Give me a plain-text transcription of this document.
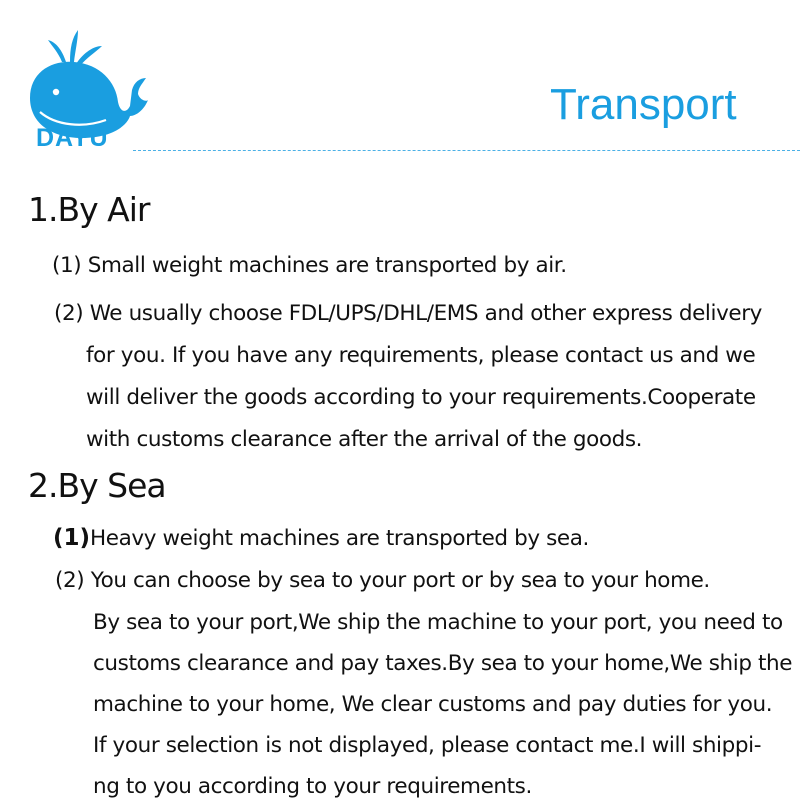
DAYU
Transport
1.By Air
(1) Small weight machines are transported by air.
(2) We usually choose FDL/UPS/DHL/EMS and other express delivery
for you. If you have any requirements, please contact us and we
will deliver the goods according to your requirements.Cooperate
with customs clearance after the arrival of the goods.
2.By Sea
(1)Heavy weight machines are transported by sea.
(2) You can choose by sea to your port or by sea to your home.
By sea to your port,We ship the machine to your port, you need to
customs clearance and pay taxes.By sea to your home,We ship the
machine to your home, We clear customs and pay duties for you.
If your selection is not displayed, please contact me.I will shippi-
ng to you according to your requirements.
